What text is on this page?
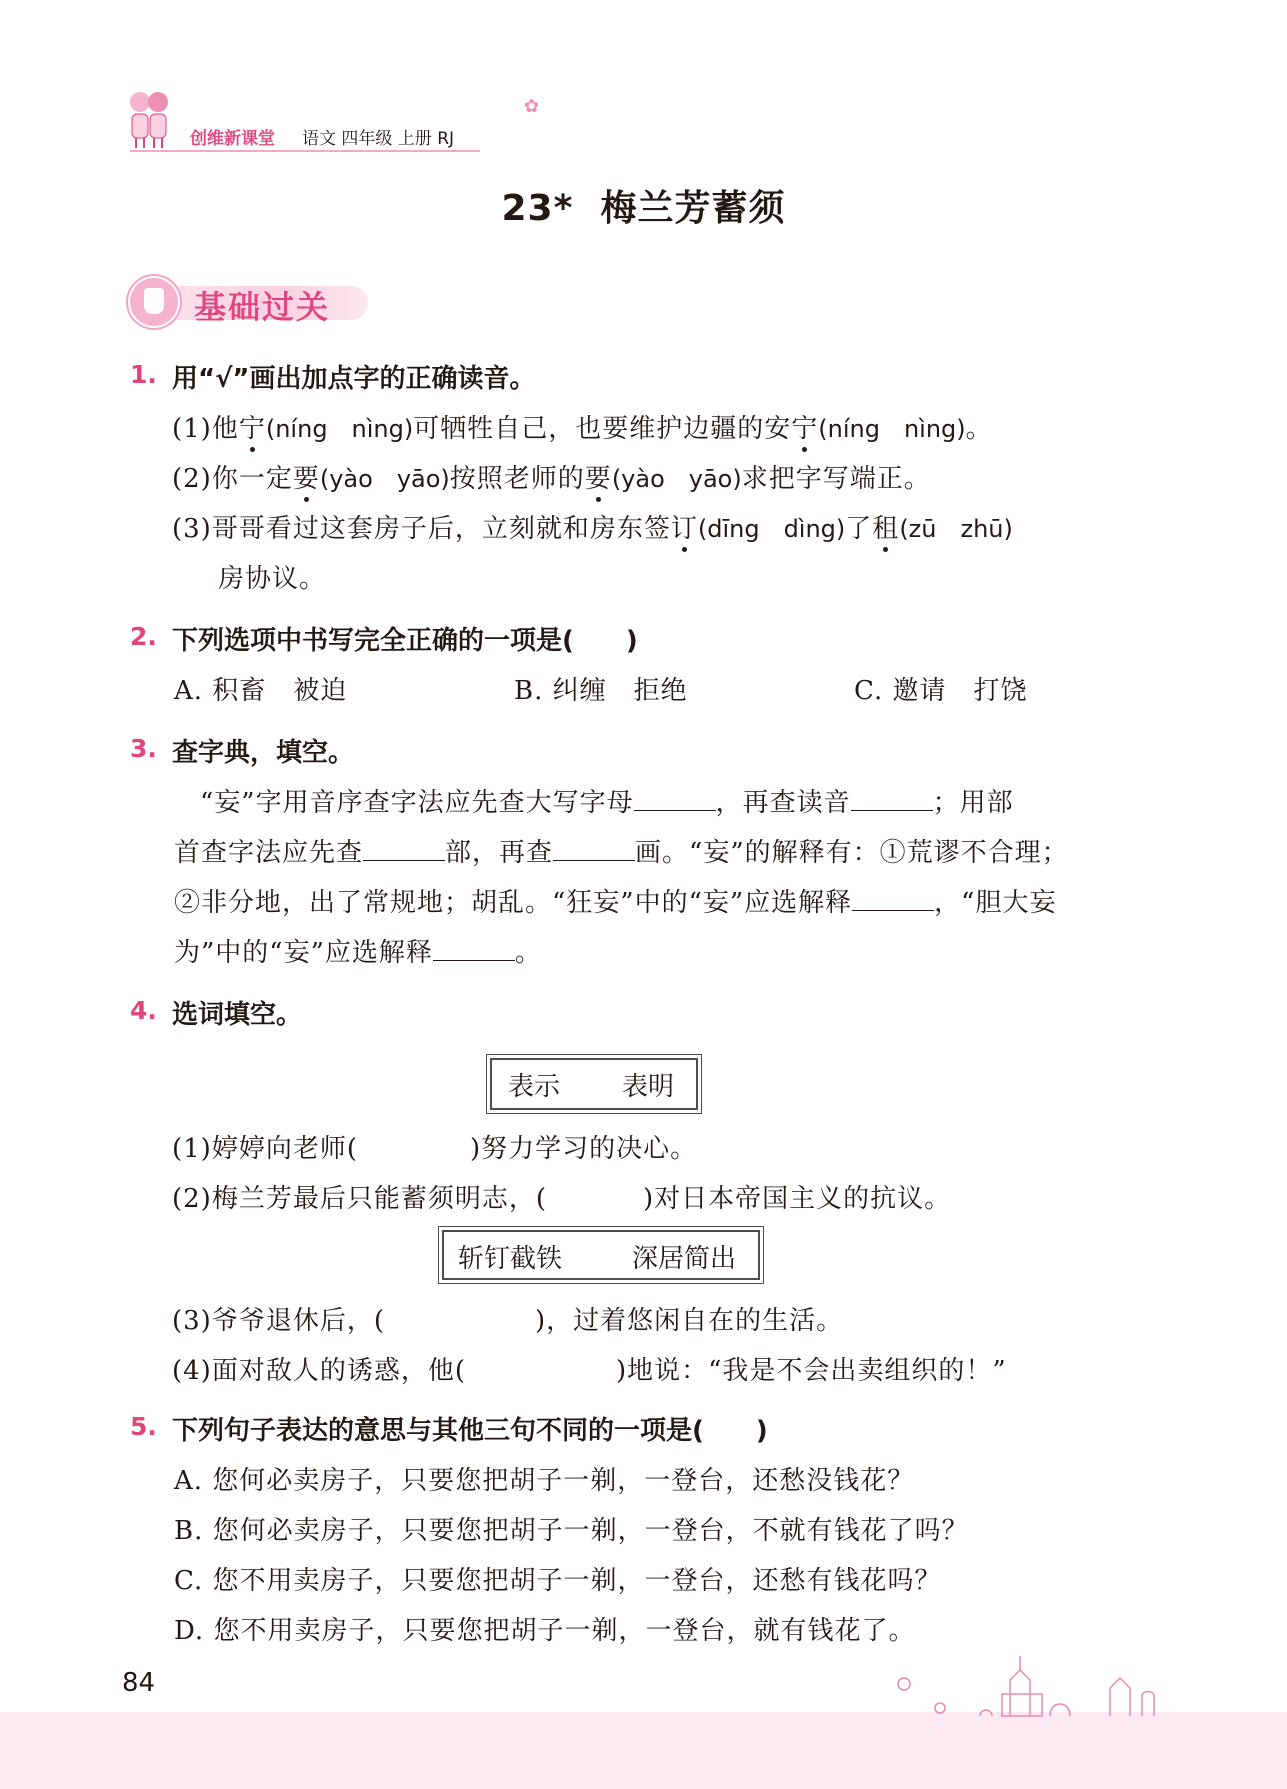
创维新课堂 语文 四年级 上册 RJ
✿
23* 梅兰芳蓄须
基础过关
1. 用“√”画出加点字的正确读音。
(1)他宁(níng　nìng)可牺牲自己，也要维护边疆的安宁(níng　nìng)。
(2)你一定要(yào　yāo)按照老师的要(yào　yāo)求把字写端正。
(3)哥哥看过这套房子后，立刻就和房东签订(dīng　dìng)了租(zū　zhū)
房协议。
2. 下列选项中书写完全正确的一项是(　　)
A. 积畜　被迫	B. 纠缠　拒绝	C. 邀请　打饶
3. 查字典，填空。
“妄”字用音序查字法应先查大写字母	，再查读音	；用部
首查字法应先查	部，再查	画。“妄”的解释有：①荒谬不合理；
②非分地，出了常规地；胡乱。“狂妄”中的“妄”应选解释	，“胆大妄
为”中的“妄”应选解释	。
4. 选词填空。
表示 表明
(1)婷婷向老师(	)努力学习的决心。
(2)梅兰芳最后只能蓄须明志，(	)对日本帝国主义的抗议。
斩钉截铁	深居简出
(3)爷爷退休后，(	)，过着悠闲自在的生活。
(4)面对敌人的诱惑，他(	)地说：“我是不会出卖组织的！”
5. 下列句子表达的意思与其他三句不同的一项是(　　)
A. 您何必卖房子，只要您把胡子一剃，一登台，还愁没钱花？
B. 您何必卖房子，只要您把胡子一剃，一登台，不就有钱花了吗？
C. 您不用卖房子，只要您把胡子一剃，一登台，还愁有钱花吗？
D. 您不用卖房子，只要您把胡子一剃，一登台，就有钱花了。
84
